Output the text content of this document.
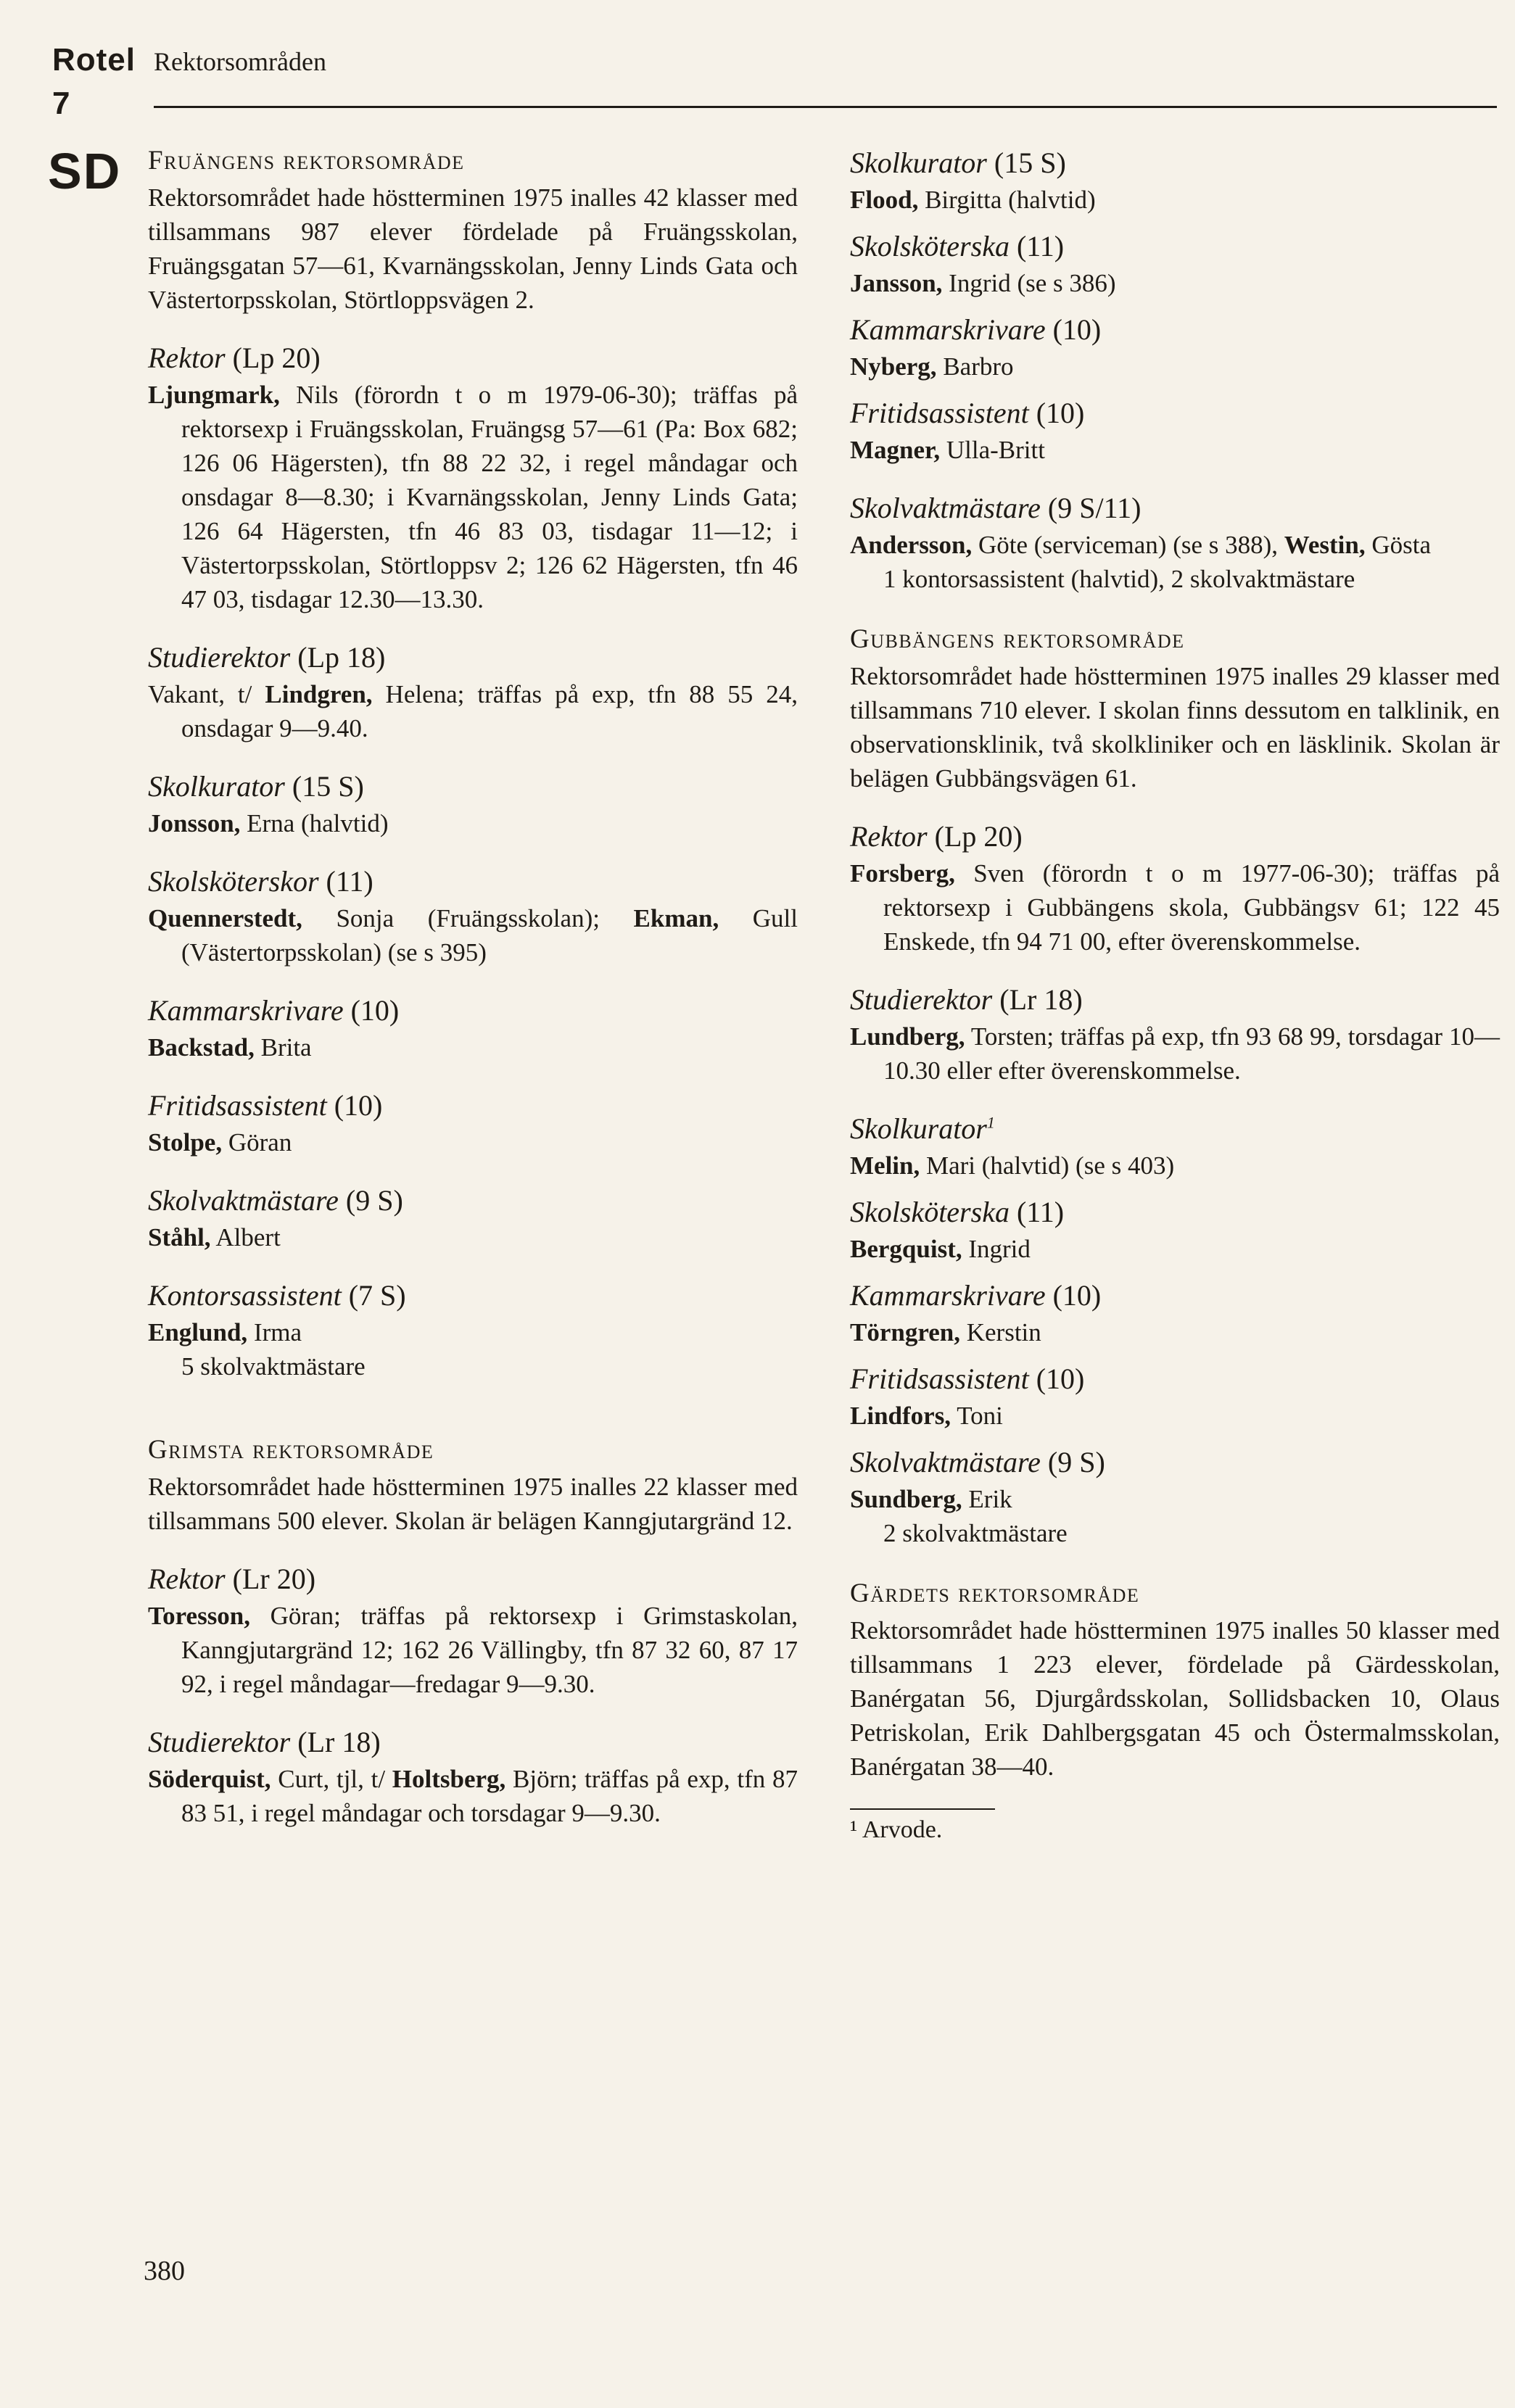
Rotel Rektorsområden
7
SD Fruängens rektorsområde

Rektorsområdet hade höstterminen 1975 inalles 42 klasser med tillsammans 987 elever fördelade på Fruängsskolan, Fruängsgatan 57—61, Kvarnängsskolan, Jenny Linds Gata och Västertorpsskolan, Störtloppsvägen 2.

Rektor (Lp 20)

Ljungmark, Nils (förordn t o m 1979-06-30); träffas på rektorsexp i Fruängsskolan, Fruängsg 57—61 (Pa: Box 682; 126 06 Hägersten), tfn 88 22 32, i regel måndagar och onsdagar 8—8.30; i Kvarnängsskolan, Jenny Linds Gata; 126 64 Hägersten, tfn 46 83 03, tisdagar 11—12; i Västertorpsskolan, Störtloppsv 2; 126 62 Hägersten, tfn 46 47 03, tisdagar 12.30—13.30.

Studierektor (Lp 18)

Vakant, t/ Lindgren, Helena; träffas på exp, tfn 88 55 24, onsdagar 9—9.40.

Skolkurator (15 S)

Jonsson, Erna (halvtid)

Skolsköterskor (11)

Quennerstedt, Sonja (Fruängsskolan); Ekman, Gull (Västertorpsskolan) (se s 395)

Kammarskrivare (10)

Backstad, Brita

Fritidsassistent (10)

Stolpe, Göran

Skolvaktmästare (9 S)

Ståhl, Albert

Kontorsassistent (7 S)

Englund, Irma

5 skolvaktmästare

Grimsta rektorsområde

Rektorsområdet hade höstterminen 1975 inalles 22 klasser med tillsammans 500 elever. Skolan är belägen Kanngjutargränd 12.

Rektor (Lr 20)

Toresson, Göran; träffas på rektorsexp i Grimstaskolan, Kanngjutargränd 12; 162 26 Vällingby, tfn 87 32 60, 87 17 92, i regel måndagar—fredagar 9—9.30.

Studierektor (Lr 18)

Söderquist, Curt, tjl, t/ Holtsberg, Björn; träffas på exp, tfn 87 83 51, i regel måndagar och torsdagar 9—9.30.

Skolkurator (15 S)

Flood, Birgitta (halvtid)

Skolsköterska (11)

Jansson, Ingrid (se s 386)

Kammarskrivare (10)

Nyberg, Barbro

Fritidsassistent (10)

Magner, Ulla-Britt

Skolvaktmästare (9 S/11)

Andersson, Göte (serviceman) (se s 388), Westin, Gösta

1 kontorsassistent (halvtid), 2 skolvaktmästare

Gubbängens rektorsområde

Rektorsområdet hade höstterminen 1975 inalles 29 klasser med tillsammans 710 elever. I skolan finns dessutom en talklinik, en observationsklinik, två skolkliniker och en läsklinik. Skolan är belägen Gubbängsvägen 61.

Rektor (Lp 20)

Forsberg, Sven (förordn t o m 1977-06-30); träffas på rektorsexp i Gubbängens skola, Gubbängsv 61; 122 45 Enskede, tfn 94 71 00, efter överenskommelse.

Studierektor (Lr 18)

Lundberg, Torsten; träffas på exp, tfn 93 68 99, torsdagar 10—10.30 eller efter överenskommelse.

Skolkurator$^1$

Melin, Mari (halvtid) (se s 403)

Skolsköterska (11)

Bergquist, Ingrid

Kammarskrivare (10)

Törngren, Kerstin

Fritidsassistent (10)

Lindfors, Toni

Skolvaktmästare (9 S)

Sundberg, Erik

2 skolvaktmästare

Gärdets rektorsområde

Rektorsområdet hade höstterminen 1975 inalles 50 klasser med tillsammans 1 223 elever, fördelade på Gärdesskolan, Banérgatan 56, Djurgårdsskolan, Sollidsbacken 10, Olaus Petriskolan, Erik Dahlbergsgatan 45 och Östermalmsskolan, Banérgatan 38—40.

¹ Arvode.
380
